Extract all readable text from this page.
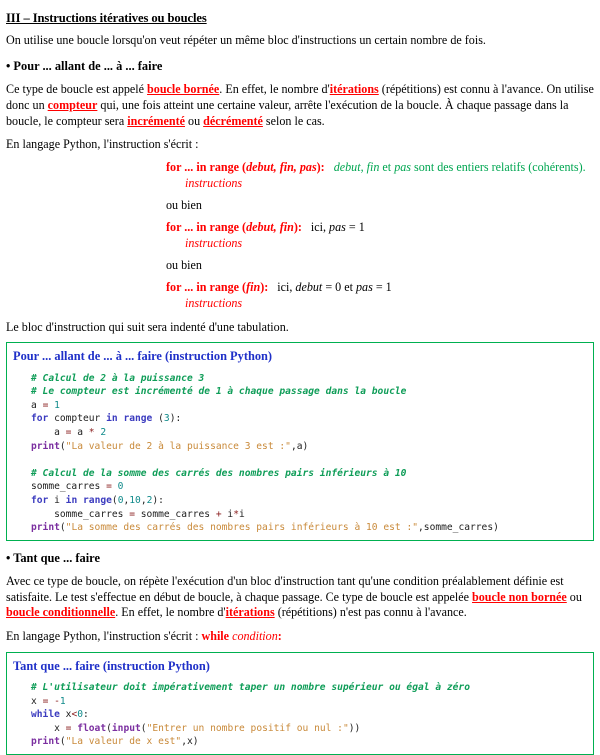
III – Instructions itératives ou boucles

On utilise une boucle lorsqu'on veut répéter un même bloc d'instructions un certain nombre de fois.

• Pour ... allant de ... à ... faire

Ce type de boucle est appelé boucle bornée. En effet, le nombre d'itérations (répétitions) est connu à l'avance. On utilise donc un compteur qui, une fois atteint une certaine valeur, arrête l'exécution de la boucle. À chaque passage dans la boucle, le compteur sera incrémenté ou décrémenté selon le cas.

En langage Python, l'instruction s'écrit :

for ... in range (debut, fin, pas): debut, fin et pas sont des entiers relatifs (cohérents).
instructions
ou bien
for ... in range (debut, fin): ici, pas = 1
instructions
ou bien
for ... in range (fin): ici, debut = 0 et pas = 1
instructions

Le bloc d'instruction qui suit sera indenté d'une tabulation.

Pour ... allant de ... à ... faire (instruction Python)
# Calcul de 2 à la puissance 3
# Le compteur est incrémenté de 1 à chaque passage dans la boucle
a = 1
for compteur in range (3):
a = a * 2
print("La valeur de 2 à la puissance 3 est :",a)

# Calcul de la somme des carrés des nombres pairs inférieurs à 10
somme_carres = 0
for i in range(0,10,2):
somme_carres = somme_carres + i*i
print("La somme des carrés des nombres pairs inférieurs à 10 est :",somme_carres)

• Tant que ... faire

Avec ce type de boucle, on répète l'exécution d'un bloc d'instruction tant qu'une condition préalablement définie est satisfaite. Le test s'effectue en début de boucle, à chaque passage. Ce type de boucle est appelée boucle non bornée ou boucle conditionnelle. En effet, le nombre d'itérations (répétitions) n'est pas connu à l'avance.

En langage Python, l'instruction s'écrit : while condition:

Tant que ... faire (instruction Python)
# L'utilisateur doit impérativement taper un nombre supérieur ou égal à zéro
x = -1
while x<0:
x = float(input("Entrer un nombre positif ou nul :"))
print("La valeur de x est",x)
